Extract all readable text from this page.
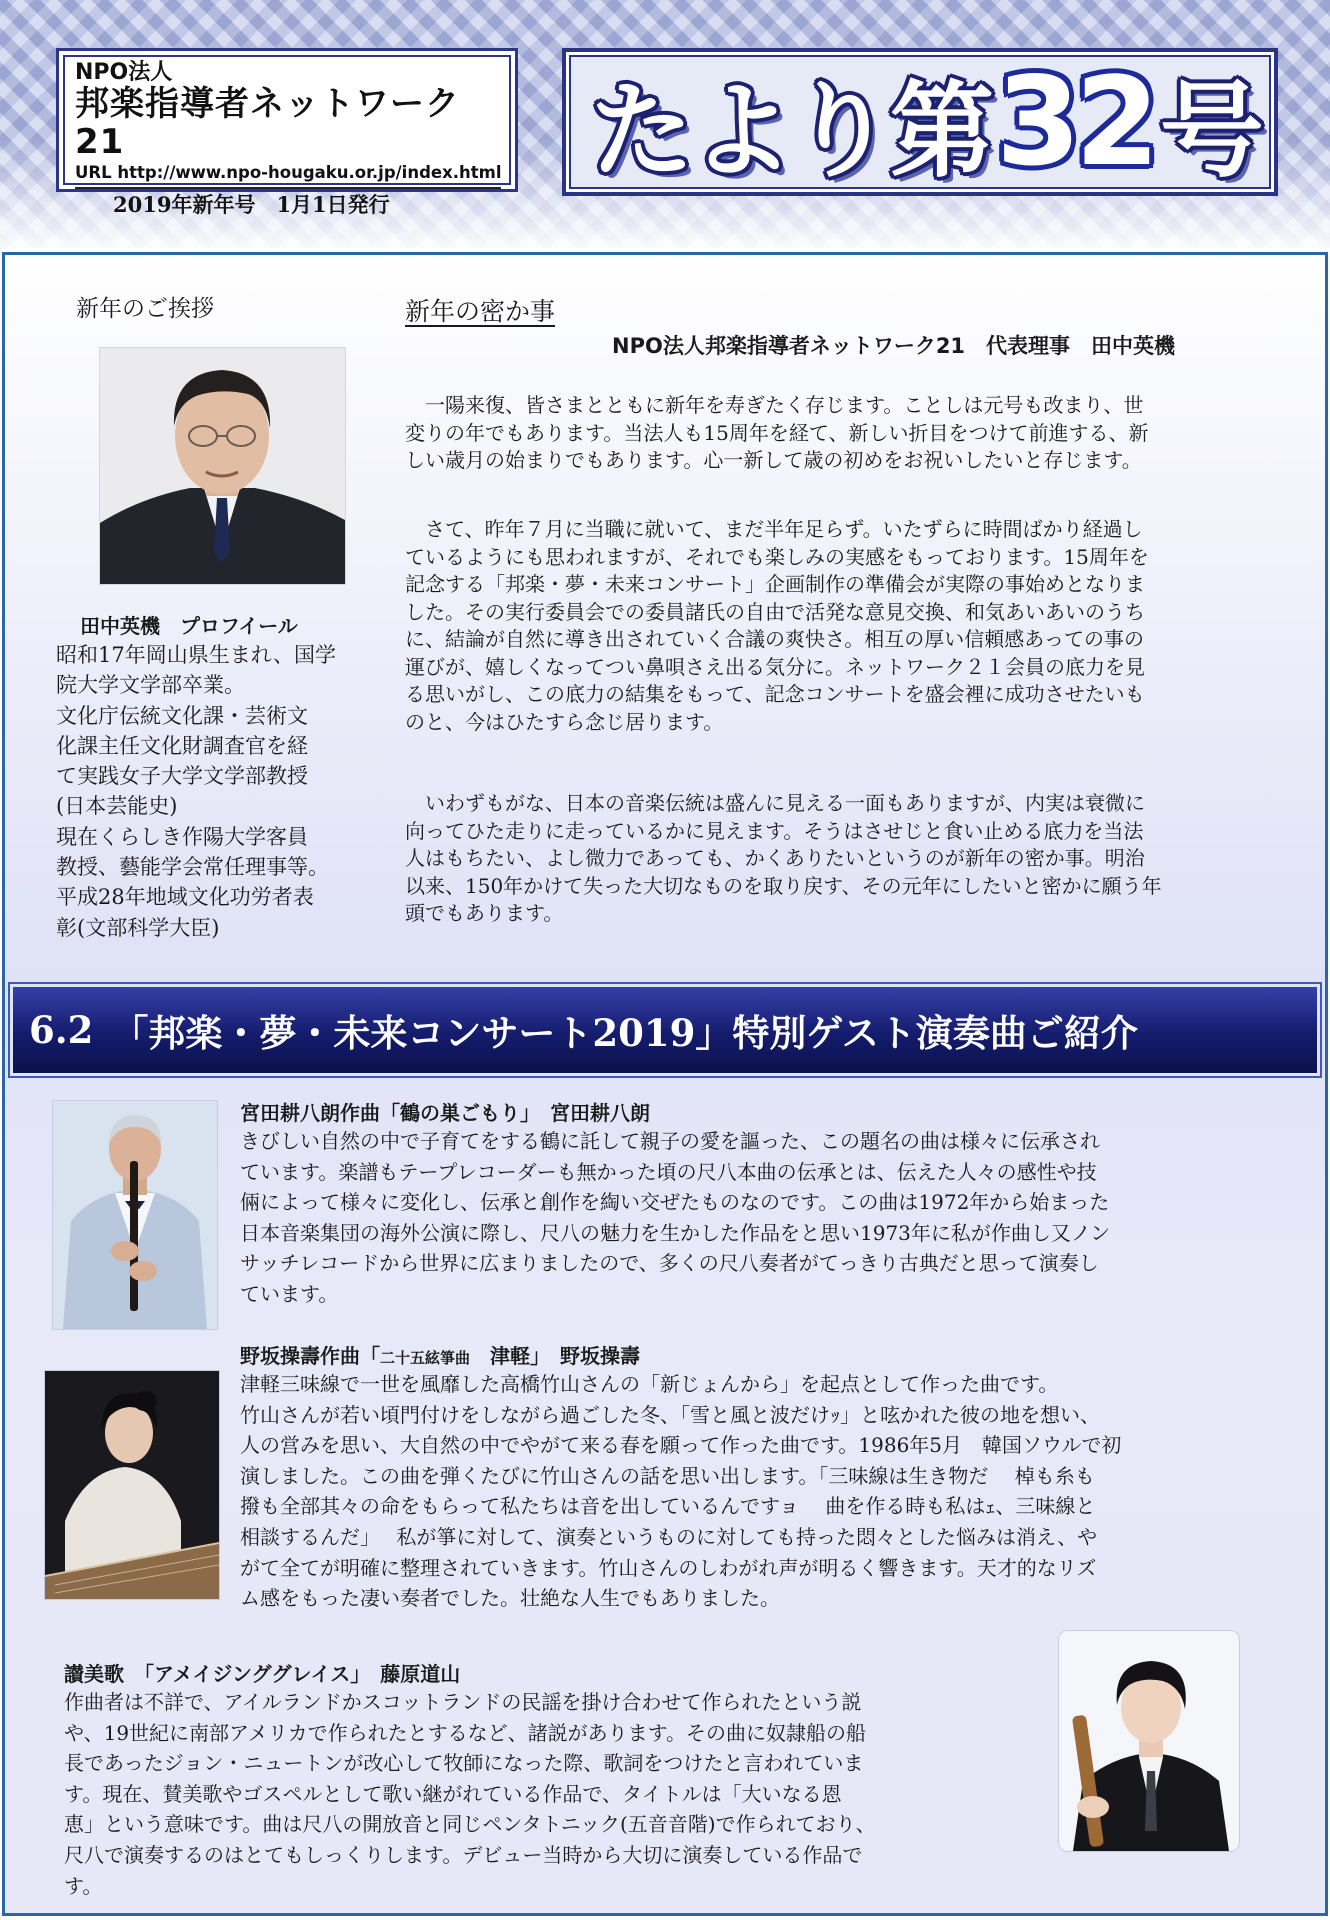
NPO法人
邦楽指導者ネットワーク21
URL http://www.npo-hougaku.or.jp/index.html
2019年新年号　1月1日発行
たより第 32 号
新年のご挨拶
田中英機　プロフイール
昭和17年岡山県生まれ、国学
院大学文学部卒業。
文化庁伝統文化課・芸術文
化課主任文化財調査官を経
て実践女子大学文学部教授
(日本芸能史)
現在くらしき作陽大学客員
教授、藝能学会常任理事等。
平成28年地域文化功労者表
彰(文部科学大臣)
新年の密か事
NPO法人邦楽指導者ネットワーク21　代表理事　田中英機
　一陽来復、皆さまとともに新年を寿ぎたく存じます。ことしは元号も改まり、世
変りの年でもあります。当法人も15周年を経て、新しい折目をつけて前進する、新
しい歳月の始まりでもあります。心一新して歳の初めをお祝いしたいと存じます。
　さて、昨年７月に当職に就いて、まだ半年足らず。いたずらに時間ばかり経過し
ているようにも思われますが、それでも楽しみの実感をもっております。15周年を
記念する「邦楽・夢・未来コンサート」企画制作の準備会が実際の事始めとなりま
した。その実行委員会での委員諸氏の自由で活発な意見交換、和気あいあいのうち
に、結論が自然に導き出されていく合議の爽快さ。相互の厚い信頼感あっての事の
運びが、嬉しくなってつい鼻唄さえ出る気分に。ネットワーク２１会員の底力を見
る思いがし、この底力の結集をもって、記念コンサートを盛会裡に成功させたいも
のと、今はひたすら念じ居ります。
　いわずもがな、日本の音楽伝統は盛んに見える一面もありますが、内実は衰微に
向ってひた走りに走っているかに見えます。そうはさせじと食い止める底力を当法
人はもちたい、よし微力であっても、かくありたいというのが新年の密か事。明治
以来、150年かけて失った大切なものを取り戻す、その元年にしたいと密かに願う年
頭でもあります。
6.2 「邦楽・夢・未来コンサート2019」特別ゲスト演奏曲ご紹介
宮田耕八朗作曲「鶴の巣ごもり」　宮田耕八朗
きびしい自然の中で子育てをする鶴に託して親子の愛を謳った、この題名の曲は様々に伝承され
ています。楽譜もテープレコーダーも無かった頃の尺八本曲の伝承とは、伝えた人々の感性や技
倆によって様々に変化し、伝承と創作を綯い交ぜたものなのです。この曲は1972年から始まった
日本音楽集団の海外公演に際し、尺八の魅力を生かした作品をと思い1973年に私が作曲し又ノン
サッチレコードから世界に広まりましたので、多くの尺八奏者がてっきり古典だと思って演奏し
ています。
野坂操壽作曲「二十五絃箏曲　津軽」　野坂操壽
津軽三味線で一世を風靡した高橋竹山さんの「新じょんから」を起点として作った曲です。
竹山さんが若い頃門付けをしながら過ごした冬、「雪と風と波だけｯ」と呟かれた彼の地を想い、
人の営みを思い、大自然の中でやがて来る春を願って作った曲です。1986年5月　韓国ソウルで初
演しました。この曲を弾くたびに竹山さんの話を思い出します。「三味線は生き物だ　 棹も糸も
撥も全部其々の命をもらって私たちは音を出しているんですョ　 曲を作る時も私はｪ、三味線と
相談するんだ」　 私が箏に対して、演奏というものに対しても持った悶々とした悩みは消え、や
がて全てが明確に整理されていきます。竹山さんのしわがれ声が明るく響きます。天才的なリズ
ム感をもった凄い奏者でした。壮絶な人生でもありました。
讃美歌　「アメイジンググレイス」　藤原道山
作曲者は不詳で、アイルランドかスコットランドの民謡を掛け合わせて作られたという説
や、19世紀に南部アメリカで作られたとするなど、諸説があります。その曲に奴隷船の船
長であったジョン・ニュートンが改心して牧師になった際、歌詞をつけたと言われていま
す。現在、賛美歌やゴスペルとして歌い継がれている作品で、タイトルは「大いなる恩
恵」という意味です。曲は尺八の開放音と同じペンタトニック(五音音階)で作られており、
尺八で演奏するのはとてもしっくりします。デビュー当時から大切に演奏している作品で
す。
